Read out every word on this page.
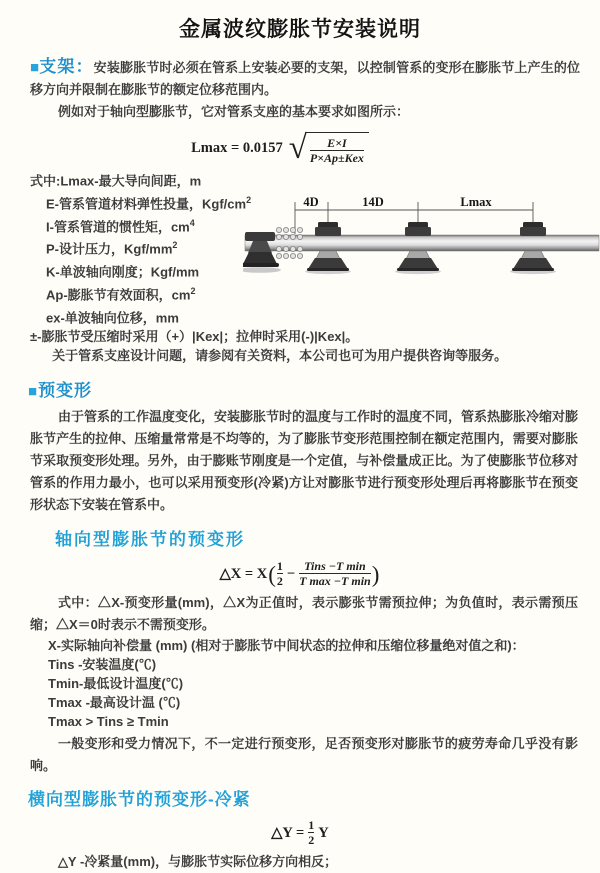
金属波纹膨胀节安装说明

■支架：安装膨胀节时必须在管系上安装必要的支架，以控制管系的变形在膨胀节上产生的位移方向并限制在膨胀节的额定位移范围内。

例如对于轴向型膨胀节，它对管系支座的基本要求如图所示：

Lmax = 0.0157 √ $\frac{E\times I}{\text{P×Ap±Kex}}$
式中:Lmax-最大导向间距，m
E-管系管道材料弹性投量，Kgf/$cm^2$
I-管系管道的惯性矩，$cm^4$
P-设计压力，Kgf/$mm^2$
K-单波轴向刚度；Kgf/mm
Ap-膨胀节有效面积，$cm^2$
ex-单波轴向位移，mm
±-膨胀节受压缩时采用（+）|Kex|；拉伸时采用(-)|Kex|。
关于管系支座设计问题，请参阅有关资料，本公司也可为用户提供咨询等服务。
4D	14D	Lmax
■预变形

由于管系的工作温度变化，安装膨胀节时的温度与工作时的温度不同，管系热膨胀冷缩对膨胀节产生的拉伸、压缩量常常是不均等的，为了膨胀节变形范围控制在额定范围内，需要对膨胀节采取预变形处理。另外，由于膨账节刚度是一个定值，与补偿量成正比。为了使膨胀节位移对管系的作用力最小，也可以采用预变形(冷紧)方让对膨胀节进行预变形处理后再将膨胀节在预变形状态下安装在管系中。

轴向型膨胀节的预变形
△X = X ( $\frac{1}{2} - \frac{\text{Tins −T min}}{\text{T max −T min}}$ )

式中：△X-预变形量(mm)，△X为正值时，表示膨张节需预拉伸；为负值时，表示需预压缩；△X＝0时表示不需预变形。

X-实际轴向补偿量 (mm) (相对于膨胀节中间状态的拉伸和压缩位移量绝对值之和)：
Tins -安装温度(℃)
Tmin-最低设计温度(℃)
Tmax -最高设计温 (℃)
Tmax > Tins ≥ Tmin

一般变形和受力情况下，不一定进行预变形，足否预变形对膨胀节的疲劳寿命几乎没有影响。

横向型膨胀节的预变形-冷紧
△Y = $\frac{1}{2}$ Y

△Y -冷紧量(mm)，与膨胀节实际位移方向相反；
